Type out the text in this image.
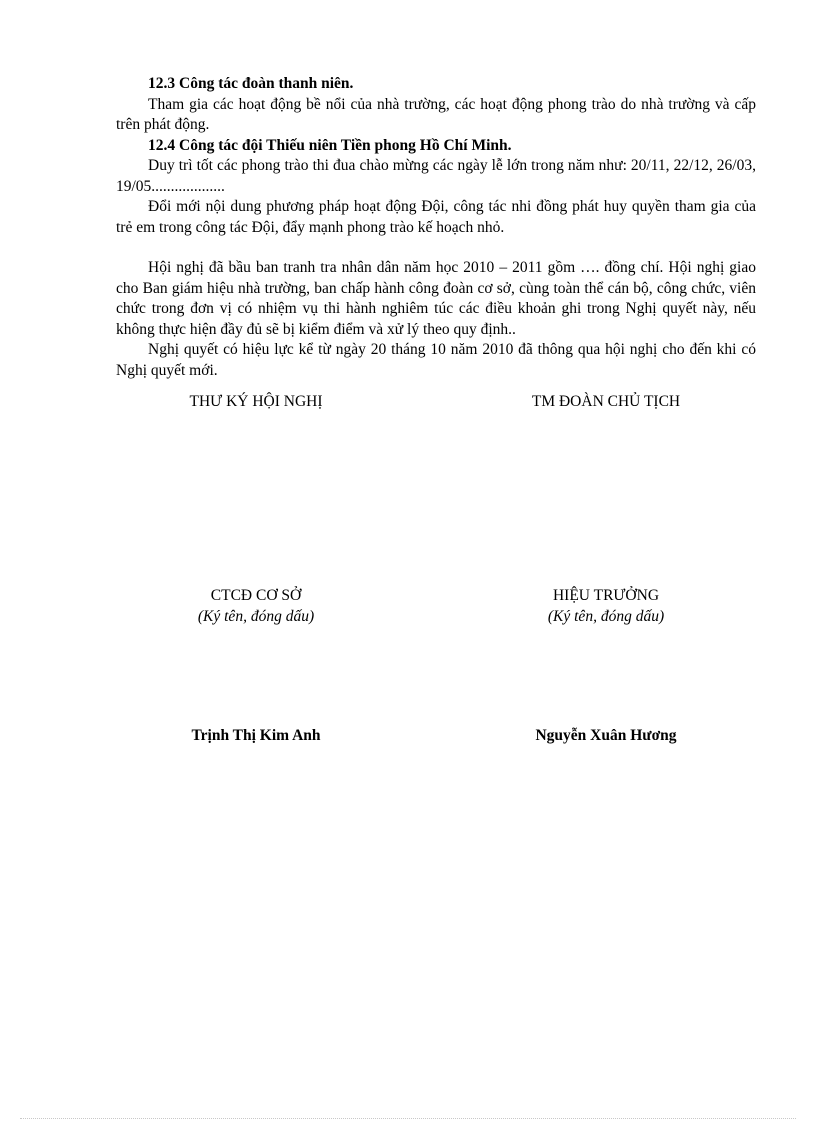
12.3 Công tác đoàn thanh niên.

Tham gia các hoạt động bề nổi của nhà trường, các hoạt động phong trào do nhà trường và cấp trên phát động.

12.4 Công tác đội Thiếu niên Tiền phong Hồ Chí Minh.

Duy trì tốt các phong trào thi đua chào mừng các ngày lễ lớn trong năm như: 20/11, 22/12, 26/03, 19/05...................

Đổi mới nội dung phương pháp hoạt động Đội, công tác nhi đồng phát huy quyền tham gia của trẻ em trong công tác Đội, đẩy mạnh phong trào kế hoạch nhỏ.

Hội nghị đã bầu ban tranh tra nhân dân năm học 2010 – 2011 gồm …. đồng chí. Hội nghị giao cho Ban giám hiệu nhà trường, ban chấp hành công đoàn cơ sở, cùng toàn thể cán bộ, công chức, viên chức trong đơn vị có nhiệm vụ thi hành nghiêm túc các điều khoản ghi trong Nghị quyết này, nếu không thực hiện đầy đủ sẽ bị kiểm điểm và xử lý theo quy định..

Nghị quyết có hiệu lực kể từ ngày 20 tháng 10 năm 2010 đã thông qua hội nghị cho đến khi có Nghị quyết mới.

THƯ KÝ HỘI NGHỊ	TM ĐOÀN CHỦ TỊCH
CTCĐ CƠ SỞ
(Ký tên, đóng dấu)
HIỆU TRƯỞNG
(Ký tên, đóng dấu)
Trịnh Thị Kim Anh	Nguyễn Xuân Hương
